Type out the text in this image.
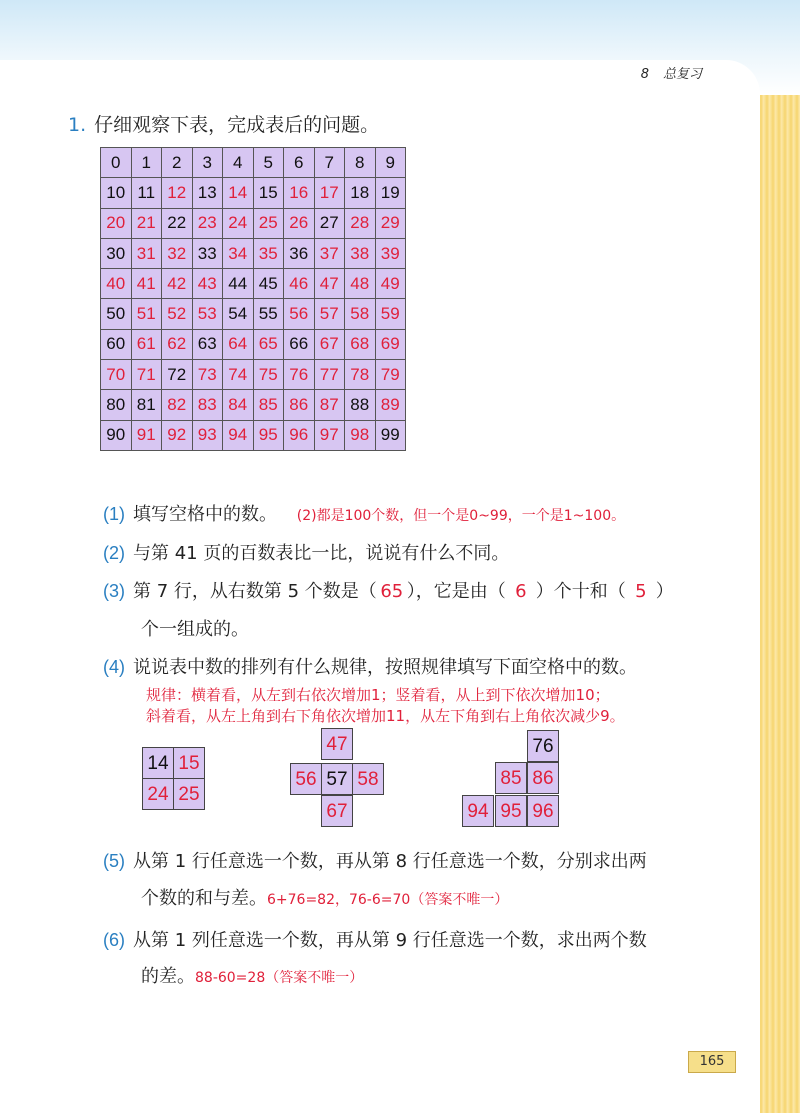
8 总复习
1. 仔细观察下表，完成表后的问题。
0	1	2	3	4	5	6	7	8	9
10	11	12	13	14	15	16	17	18	19
20	21	22	23	24	25	26	27	28	29
30	31	32	33	34	35	36	37	38	39
40	41	42	43	44	45	46	47	48	49
50	51	52	53	54	55	56	57	58	59
60	61	62	63	64	65	66	67	68	69
70	71	72	73	74	75	76	77	78	79
80	81	82	83	84	85	86	87	88	89
90	91	92	93	94	95	96	97	98	99
(1) 填写空格中的数。 (2)都是100个数，但一个是0~99，一个是1~100。
(2) 与第 41 页的百数表比一比，说说有什么不同。
(3) 第 7 行，从右数第 5 个数是（ 65 ），它是由（ 6 ）个十和（ 5 ）
个一组成的。
(4) 说说表中数的排列有什么规律，按照规律填写下面空格中的数。
规律：横着看，从左到右依次增加1；竖着看，从上到下依次增加10；
斜着看，从左上角到右下角依次增加11，从左下角到右上角依次减少9。
14 15
24 25
47
56 57 58
67
76
85 86
94 95 96
(5) 从第 1 行任意选一个数，再从第 8 行任意选一个数，分别求出两
个数的和与差。6+76=82，76-6=70（答案不唯一）
(6) 从第 1 列任意选一个数，再从第 9 行任意选一个数，求出两个数
的差。88-60=28（答案不唯一）
165
